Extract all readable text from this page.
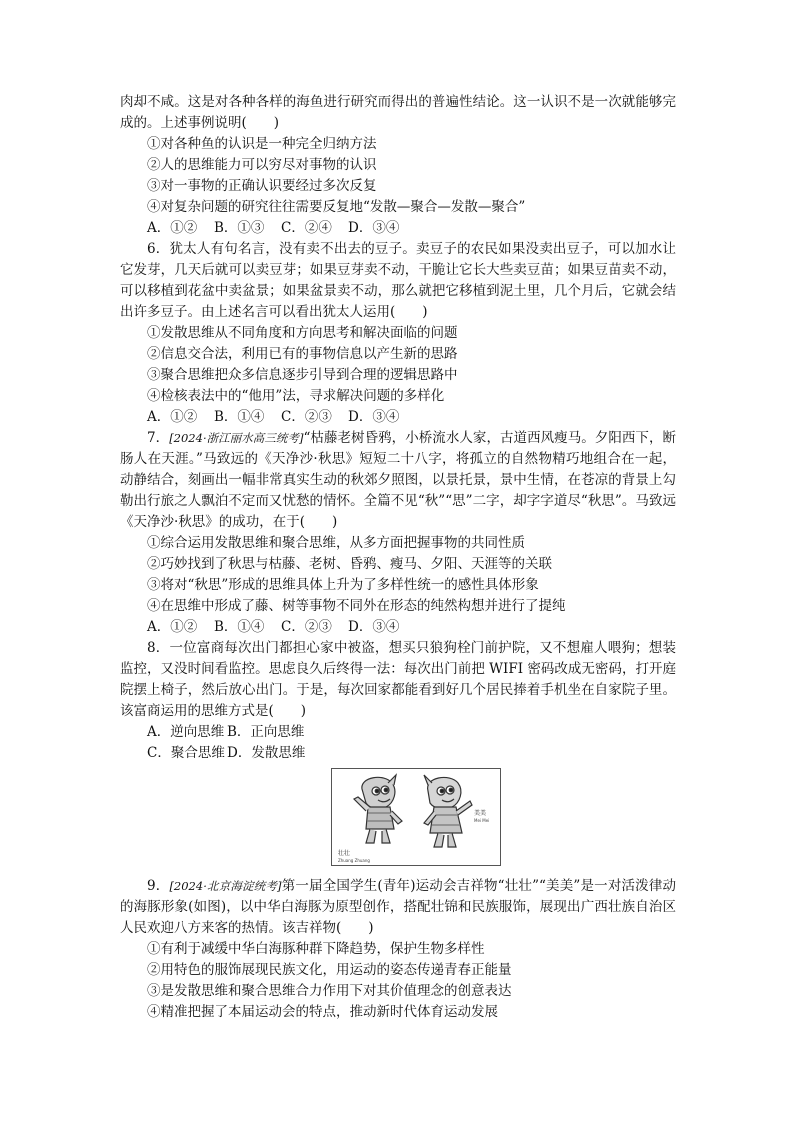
肉却不咸。这是对各种各样的海鱼进行研究而得出的普遍性结论。这一认识不是一次就能够完成的。上述事例说明(　　)

①对各种鱼的认识是一种完全归纳方法
②人的思维能力可以穷尽对事物的认识
③对一事物的正确认识要经过多次反复
④对复杂问题的研究往往需要反复地“发散—聚合—发散—聚合”
A．①② B．①③ C．②④ D．③④

6．犹太人有句名言，没有卖不出去的豆子。卖豆子的农民如果没卖出豆子，可以加水让它发芽，几天后就可以卖豆芽；如果豆芽卖不动，干脆让它长大些卖豆苗；如果豆苗卖不动，可以移植到花盆中卖盆景；如果盆景卖不动，那么就把它移植到泥土里，几个月后，它就会结出许多豆子。由上述名言可以看出犹太人运用(　　)

①发散思维从不同角度和方向思考和解决面临的问题
②信息交合法，利用已有的事物信息以产生新的思路
③聚合思维把众多信息逐步引导到合理的逻辑思路中
④检核表法中的“他用”法，寻求解决问题的多样化
A．①② B．①④ C．②③ D．③④

7．[2024·浙江丽水高三统考]“枯藤老树昏鸦，小桥流水人家，古道西风瘦马。夕阳西下，断肠人在天涯。”马致远的《天净沙·秋思》短短二十八字，将孤立的自然物精巧地组合在一起，动静结合，刻画出一幅非常真实生动的秋郊夕照图，以景托景，景中生情，在苍凉的背景上勾勒出行旅之人飘泊不定而又忧愁的情怀。全篇不见“秋”“思”二字，却字字道尽“秋思”。马致远《天净沙·秋思》的成功，在于(　　)

①综合运用发散思维和聚合思维，从多方面把握事物的共同性质
②巧妙找到了秋思与枯藤、老树、昏鸦、瘦马、夕阳、天涯等的关联
③将对“秋思”形成的思维具体上升为了多样性统一的感性具体形象
④在思维中形成了藤、树等事物不同外在形态的纯然构想并进行了提纯
A．①② B．①④ C．②③ D．③④

8．一位富商每次出门都担心家中被盗，想买只狼狗栓门前护院，又不想雇人喂狗；想装监控，又没时间看监控。思虑良久后终得一法：每次出门前把 WIFI 密码改成无密码，打开庭院摆上椅子，然后放心出门。于是，每次回家都能看到好几个居民捧着手机坐在自家院子里。该富商运用的思维方式是(　　)

A．逆向思维 B．正向思维
C．聚合思维 D．发散思维
壮壮
Zhuang Zhuang
美美
Mei Mei

9．[2024·北京海淀统考]第一届全国学生(青年)运动会吉祥物“壮壮”“美美”是一对活泼律动的海豚形象(如图)，以中华白海豚为原型创作，搭配壮锦和民族服饰，展现出广西壮族自治区人民欢迎八方来客的热情。该吉祥物(　　)

①有利于减缓中华白海豚种群下降趋势，保护生物多样性
②用特色的服饰展现民族文化，用运动的姿态传递青春正能量
③是发散思维和聚合思维合力作用下对其价值理念的创意表达
④精准把握了本届运动会的特点，推动新时代体育运动发展
